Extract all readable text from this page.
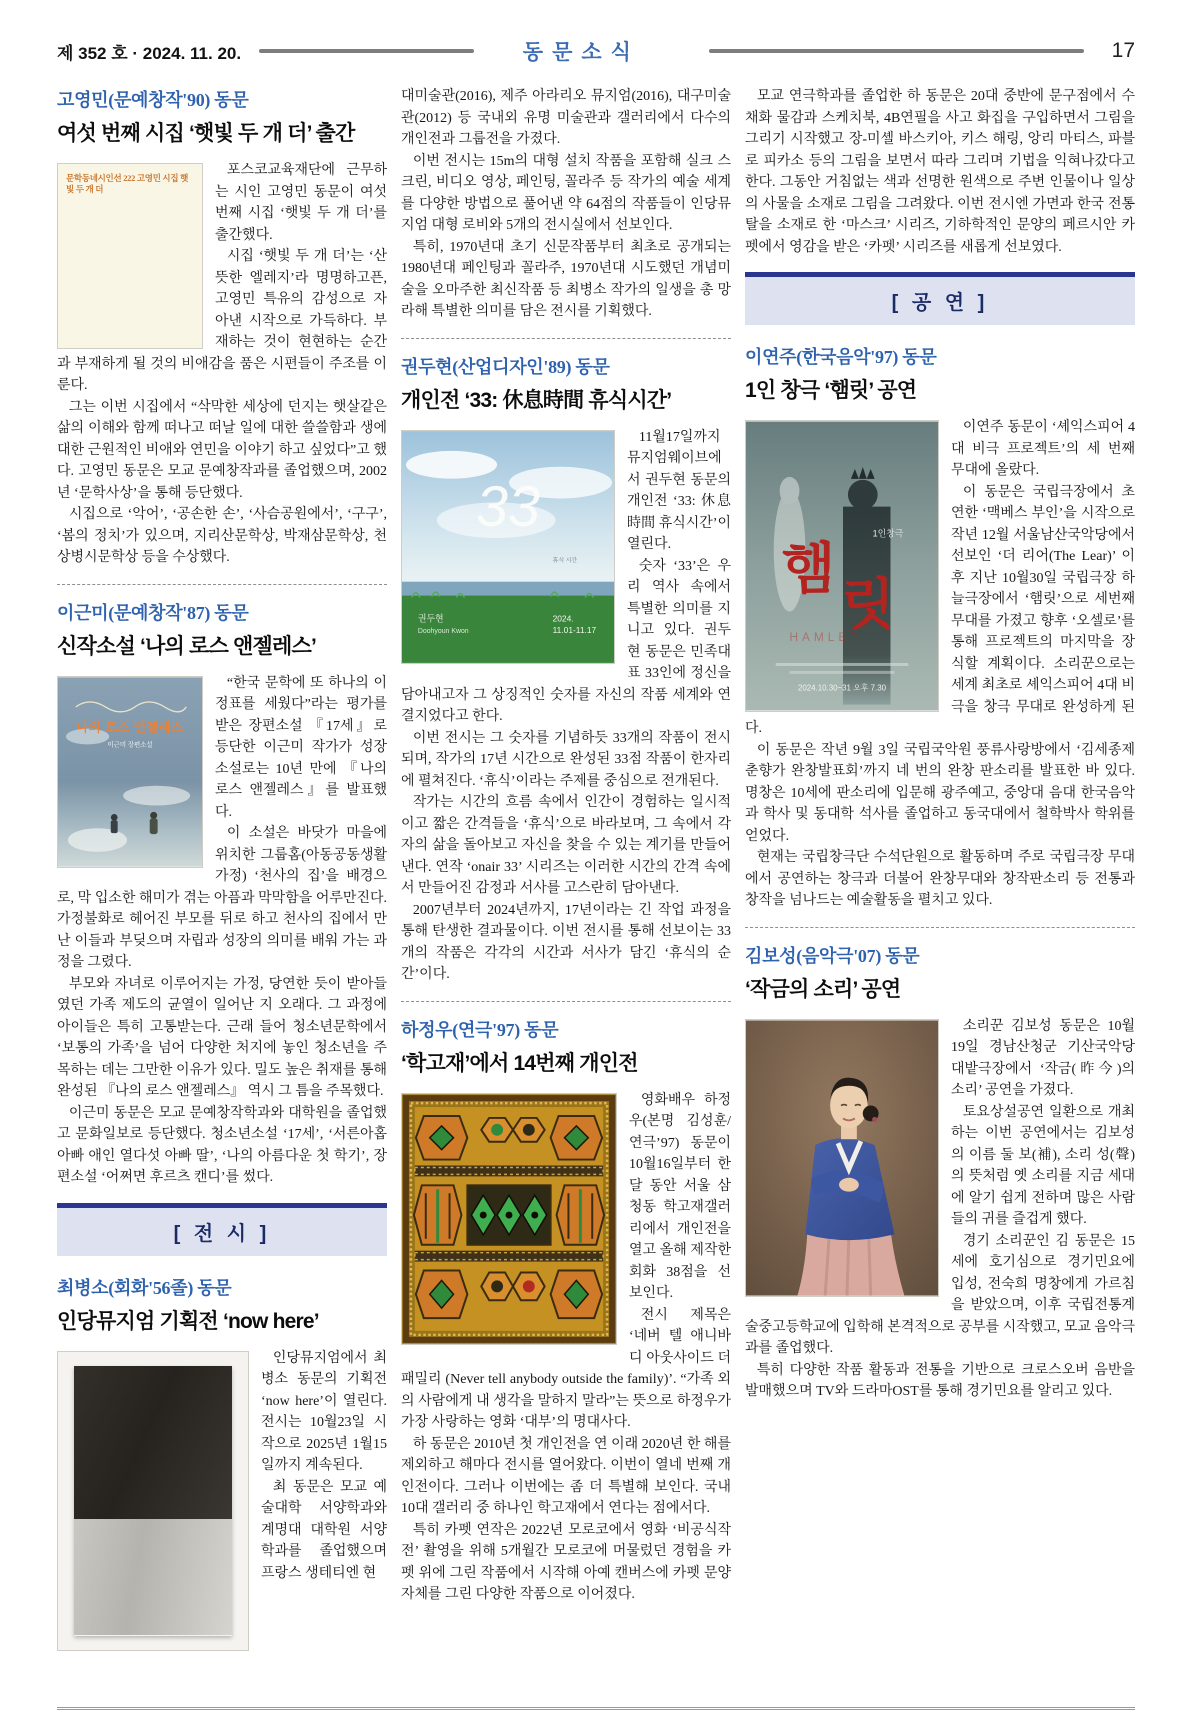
제 352 호 · 2024. 11. 20.	동문소식	17
고영민(문예창작'90) 동문
여섯 번째 시집 ‘햇빛 두 개 더’ 출간
문학동네시인선 222 고영민 시집 햇빛 두 개 더

포스코교육재단에 근무하는 시인 고영민 동문이 여섯 번째 시집 ‘햇빛 두 개 더’를 출간했다.

시집 ‘햇빛 두 개 더’는 ‘산뜻한 엘레지’라 명명하고픈, 고영민 특유의 감성으로 자아낸 시작으로 가득하다. 부재하는 것이 현현하는 순간과 부재하게 될 것의 비애감을 품은 시편들이 주조를 이룬다.

그는 이번 시집에서 “삭막한 세상에 던지는 햇살같은 삶의 이해와 함께 떠나고 떠날 일에 대한 쓸쓸함과 생에 대한 근원적인 비애와 연민을 이야기 하고 싶었다”고 했다. 고영민 동문은 모교 문예창작과를 졸업했으며, 2002년 ‘문학사상’을 통해 등단했다.

시집으로 ‘악어’, ‘공손한 손’, ‘사슴공원에서’, ‘구구’, ‘봄의 정치’가 있으며, 지리산문학상, 박재삼문학상, 천상병시문학상 등을 수상했다.

이근미(문예창작'87) 동문
신작소설 ‘나의 로스 앤젤레스’
나의 로스 앤젤레스
이근미 장편소설

“한국 문학에 또 하나의 이정표를 세웠다”라는 평가를 받은 장편소설 『17세』로 등단한 이근미 작가가 성장 소설로는 10년 만에 『나의 로스 앤젤레스』를 발표했다.

이 소설은 바닷가 마을에 위치한 그룹홈(아동공동생활가정) ‘천사의 집’을 배경으로, 막 입소한 해미가 겪는 아픔과 막막함을 어루만진다. 가정불화로 헤어진 부모를 뒤로 하고 천사의 집에서 만난 이들과 부딪으며 자립과 성장의 의미를 배워 가는 과정을 그렸다.

부모와 자녀로 이루어지는 가정, 당연한 듯이 받아들였던 가족 제도의 균열이 일어난 지 오래다. 그 과정에 아이들은 특히 고통받는다. 근래 들어 청소년문학에서 ‘보통의 가족’을 넘어 다양한 처지에 놓인 청소년을 주목하는 데는 그만한 이유가 있다. 밀도 높은 취재를 통해 완성된 『나의 로스 앤젤레스』 역시 그 틈을 주목했다.

이근미 동문은 모교 문예창작학과와 대학원을 졸업했고 문화일보로 등단했다. 청소년소설 ‘17세’, ‘서른아홉 아빠 애인 열다섯 아빠 딸’, ‘나의 아름다운 첫 학기’, 장편소설 ‘어쩌면 후르츠 캔디’를 썼다.

[ 전 시 ]
최병소(회화'56졸) 동문
인당뮤지엄 기획전 ‘now here’

인당뮤지엄에서 최병소 동문의 기획전 ‘now here’이 열린다. 전시는 10월23일 시작으로 2025년 1월15일까지 계속된다.

최 동문은 모교 예술대학 서양학과와 계명대 대학원 서양학과를 졸업했으며 프랑스 생테티엔 현

대미술관(2016), 제주 아라리오 뮤지엄(2016), 대구미술관(2012) 등 국내외 유명 미술관과 갤러리에서 다수의 개인전과 그룹전을 가졌다.

이번 전시는 15m의 대형 설치 작품을 포함해 실크 스크린, 비디오 영상, 페인팅, 꼴라주 등 작가의 예술 세계를 다양한 방법으로 풀어낸 약 64점의 작품들이 인당뮤지엄 대형 로비와 5개의 전시실에서 선보인다.

특히, 1970년대 초기 신문작품부터 최초로 공개되는 1980년대 페인팅과 꼴라주, 1970년대 시도했던 개념미술을 오마주한 최신작품 등 최병소 작가의 일생을 총 망라해 특별한 의미를 담은 전시를 기획했다.

권두현(산업디자인'89) 동문
개인전 ‘33: 休息時間 휴식시간’
33
휴식 시간
권두현
Doohyoun Kwon
2024.
11.01-11.17

11월17일까지 뮤지엄웨이브에서 권두현 동문의 개인전 ‘33: 休息時間 휴식시간’이 열린다.

숫자 ‘33’은 우리 역사 속에서 특별한 의미를 지니고 있다. 권두현 동문은 민족대표 33인에 정신을 담아내고자 그 상징적인 숫자를 자신의 작품 세계와 연결지었다고 한다.

이번 전시는 그 숫자를 기념하듯 33개의 작품이 전시되며, 작가의 17년 시간으로 완성된 33점 작품이 한자리에 펼쳐진다. ‘휴식’이라는 주제를 중심으로 전개된다.

작가는 시간의 흐름 속에서 인간이 경험하는 일시적이고 짧은 간격들을 ‘휴식’으로 바라보며, 그 속에서 각자의 삶을 돌아보고 자신을 찾을 수 있는 계기를 만들어낸다. 연작 ‘onair 33’ 시리즈는 이러한 시간의 간격 속에서 만들어진 감정과 서사를 고스란히 담아낸다.

2007년부터 2024년까지, 17년이라는 긴 작업 과정을 통해 탄생한 결과물이다. 이번 전시를 통해 선보이는 33개의 작품은 각각의 시간과 서사가 담긴 ‘휴식의 순간’이다.

하정우(연극'97) 동문
‘학고재’에서 14번째 개인전

영화배우 하정우(본명 김성훈/연극’97) 동문이 10월16일부터 한 달 동안 서울 삼청동 학고재갤러리에서 개인전을 열고 올해 제작한 회화 38점을 선보인다.

전시 제목은 ‘네버 텔 애니바디 아웃사이드 더 패밀리 (Never tell anybody outside the family)’. “가족 외의 사람에게 내 생각을 말하지 말라”는 뜻으로 하정우가 가장 사랑하는 영화 ‘대부’의 명대사다.

하 동문은 2010년 첫 개인전을 연 이래 2020년 한 해를 제외하고 해마다 전시를 열어왔다. 이번이 열네 번째 개인전이다. 그러나 이번에는 좀 더 특별해 보인다. 국내 10대 갤러리 중 하나인 학고재에서 연다는 점에서다.

특히 카펫 연작은 2022년 모로코에서 영화 ‘비공식작전’ 촬영을 위해 5개월간 모로코에 머물렀던 경험을 카펫 위에 그린 작품에서 시작해 아예 캔버스에 카펫 문양 자체를 그린 다양한 작품으로 이어졌다.

모교 연극학과를 졸업한 하 동문은 20대 중반에 문구점에서 수채화 물감과 스케치북, 4B연필을 사고 화집을 구입하면서 그림을 그리기 시작했고 장-미셸 바스키아, 키스 해링, 앙리 마티스, 파블로 피카소 등의 그림을 보면서 따라 그리며 기법을 익혀나갔다고 한다. 그동안 거침없는 색과 선명한 원색으로 주변 인물이나 일상의 사물을 소재로 그림을 그려왔다. 이번 전시엔 가면과 한국 전통 탈을 소재로 한 ‘마스크’ 시리즈, 기하학적인 문양의 페르시안 카펫에서 영감을 받은 ‘카펫’ 시리즈를 새롭게 선보였다.

[ 공 연 ]
이연주(한국음악'97) 동문
1인 창극 ‘햄릿’ 공연
1인창극
햄
릿
HAMLET
2024.10.30~31 오후 7.30

이연주 동문이 ‘셰익스피어 4대 비극 프로젝트’의 세 번째 무대에 올랐다.

이 동문은 국립극장에서 초연한 ‘맥베스 부인’을 시작으로 작년 12월 서울남산국악당에서 선보인 ‘더 리어(The Lear)’ 이후 지난 10월30일 국립극장 하늘극장에서 ‘햄릿’으로 세번째 무대를 가졌고 향후 ‘오셀로’를 통해 프로젝트의 마지막을 장식할 계획이다. 소리꾼으로는 세계 최초로 셰익스피어 4대 비극을 창극 무대로 완성하게 된다.

이 동문은 작년 9월 3일 국립국악원 풍류사랑방에서 ‘김세종제춘향가 완창발표회’까지 네 번의 완창 판소리를 발표한 바 있다. 명창은 10세에 판소리에 입문해 광주예고, 중앙대 음대 한국음악과 학사 및 동대학 석사를 졸업하고 동국대에서 철학박사 학위를 얻었다.

현재는 국립창극단 수석단원으로 활동하며 주로 국립극장 무대에서 공연하는 창극과 더불어 완창무대와 창작판소리 등 전통과 창작을 넘나드는 예술활동을 펼치고 있다.

김보성(음악극'07) 동문
‘작금의 소리’ 공연

소리꾼 김보성 동문은 10월19일 경남산청군 기산국악당 대밭극장에서 ‘작금(昨今)의 소리’ 공연을 가졌다.

토요상설공연 일환으로 개최하는 이번 공연에서는 김보성의 이름 둘 보(補), 소리 성(聲)의 뜻처럼 옛 소리를 지금 세대에 알기 쉽게 전하며 많은 사람들의 귀를 즐겁게 했다.

경기 소리꾼인 김 동문은 15세에 호기심으로 경기민요에 입성, 전숙희 명창에게 가르침을 받았으며, 이후 국립전통계술중고등학교에 입학해 본격적으로 공부를 시작했고, 모교 음악극과를 졸업했다.

특히 다양한 작품 활동과 전통을 기반으로 크로스오버 음반을 발매했으며 TV와 드라마OST를 통해 경기민요를 알리고 있다.
